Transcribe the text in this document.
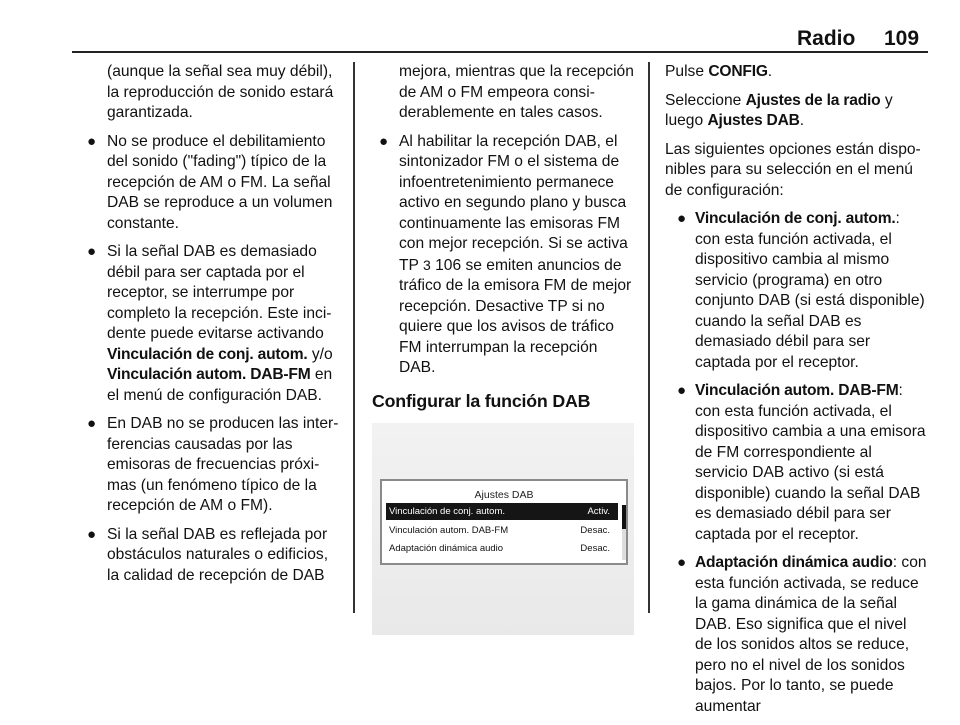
Radio 109

(aunque la señal sea muy débil), la reproducción de sonido estará garantizada.

● No se produce el debilitamiento del sonido ("fading") típico de la recepción de AM o FM. La señal DAB se reproduce a un volumen constante.
● Si la señal DAB es demasiado débil para ser captada por el receptor, se interrumpe por completo la recepción. Este incidente puede evitarse activando Vinculación de conj. autom. y/o Vinculación autom. DAB-FM en el menú de configuración DAB.
● En DAB no se producen las interferencias causadas por las emisoras de frecuencias próximas (un fenómeno típico de la recepción de AM o FM).
● Si la señal DAB es reflejada por obstáculos naturales o edificios, la calidad de recepción de DAB

mejora, mientras que la recepción de AM o FM empeora considerablemente en tales casos.

● Al habilitar la recepción DAB, el sintonizador FM o el sistema de infoentretenimiento permanece activo en segundo plano y busca continuamente las emisoras FM con mejor recepción. Si se activa TP 3 106 se emiten anuncios de tráfico de la emisora FM de mejor recepción. Desactive TP si no quiere que los avisos de tráfico FM interrumpan la recepción DAB.
Configurar la función DAB
Ajustes DAB
Vinculación de conj. autom.	Activ.
Vinculación autom. DAB-FM	Desac.
Adaptación dinámica audio	Desac.

Pulse CONFIG.

Seleccione Ajustes de la radio y luego Ajustes DAB.

Las siguientes opciones están disponibles para su selección en el menú de configuración:

● Vinculación de conj. autom.: con esta función activada, el dispositivo cambia al mismo servicio (programa) en otro conjunto DAB (si está disponible) cuando la señal DAB es demasiado débil para ser captada por el receptor.
● Vinculación autom. DAB-FM: con esta función activada, el dispositivo cambia a una emisora de FM correspondiente al servicio DAB activo (si está disponible) cuando la señal DAB es demasiado débil para ser captada por el receptor.
● Adaptación dinámica audio: con esta función activada, se reduce la gama dinámica de la señal DAB. Eso significa que el nivel de los sonidos altos se reduce, pero no el nivel de los sonidos bajos. Por lo tanto, se puede aumentar
